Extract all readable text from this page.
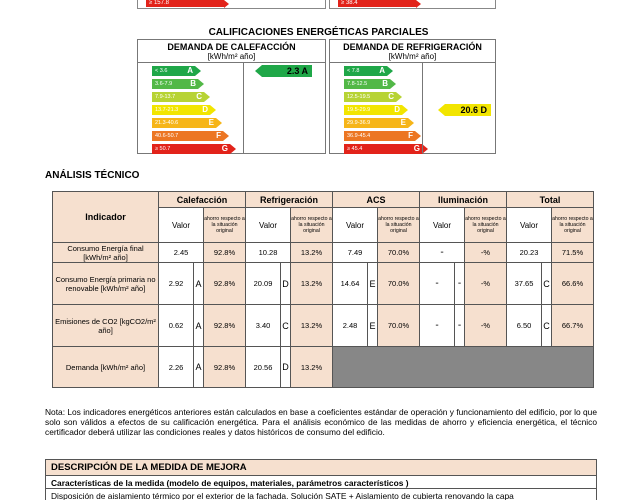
≥ 157.8	≥ 38.4
CALIFICACIONES ENERGÉTICAS PARCIALES
DEMANDA DE CALEFACCIÓN
[kWh/m² año]
< 3.6 A
3.6-7.9 B
7.9-13.7	C
13.7-21.3	D
21.3-40.6	E
40.6-50.7	F
≥ 50.7	G
2.3 A
DEMANDA DE REFRIGERACIÓN
[kWh/m² año]
< 7.8 A
7.8-12.5 B
12.5-19.5 C
19.5-29.9	D
29.9-36.9	E
36.9-45.4	F
≥ 45.4	G
20.6 D
ANÁLISIS TÉCNICO
Indicador	Calefacción			Refrigeración			ACS			Iluminación			Total		
	Valor		ahorro respecto a la situación original	Valor		ahorro respecto a la situación original	Valor		ahorro respecto a la situación original	Valor		ahorro respecto a la situación original	Valor		ahorro respecto a la situación original
Consumo Energía final [kWh/m² año]	2.45		92.8%	10.28		13.2%	7.49		70.0%	-		-%	20.23		71.5%
Consumo Energía primaria no renovable [kWh/m² año]	2.92	A	92.8%	20.09	D	13.2%	14.64	E	70.0%	-	-	-%	37.65	C	66.6%
Emisiones de CO2 [kgCO2/m² año]	0.62	A	92.8%	3.40	C	13.2%	2.48	E	70.0%	-	-	-%	6.50	C	66.7%
Demanda [kWh/m² año]	2.26	A	92.8%	20.56	D	13.2%									
Nota: Los indicadores energéticos anteriores están calculados en base a coeficientes estándar de operación y funcionamiento del edificio, por lo que solo son válidos a efectos de su calificación energética. Para el análisis económico de las medidas de ahorro y eficiencia energética, el técnico certificador deberá utilizar las condiciones reales y datos históricos de consumo del edificio.
DESCRIPCIÓN DE LA MEDIDA DE MEJORA
Características de la medida (modelo de equipos, materiales, parámetros característicos )
Disposición de aislamiento térmico por el exterior de la fachada. Solución SATE + Aislamiento de cubierta renovando la capa
